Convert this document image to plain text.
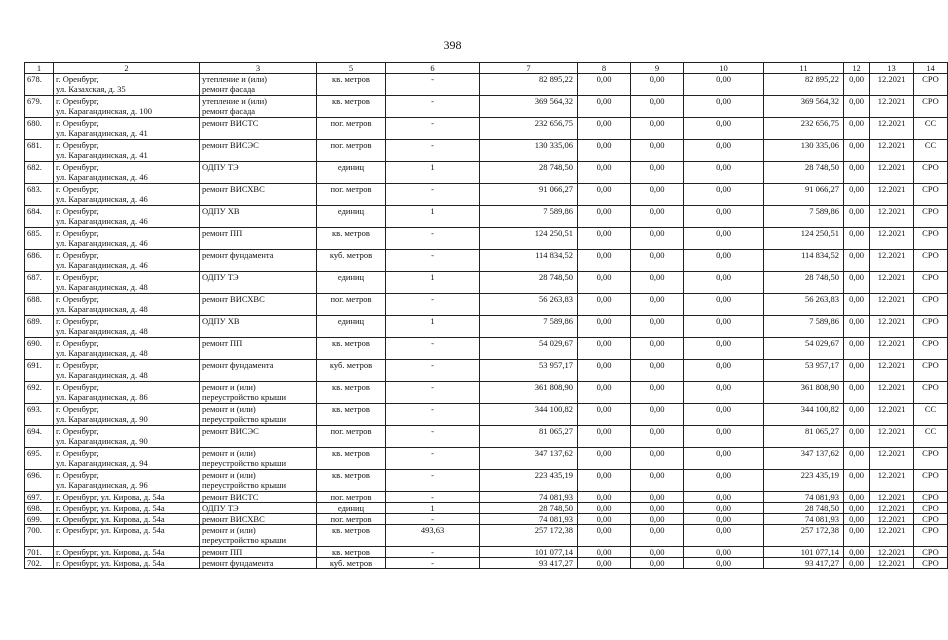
398
1	2	3	5	6	7	8	9	10	11	12	13	14
678.	г. Оренбург,
ул. Казахская, д. 35	утепление и (или)
ремонт фасада	кв. метров	-	82 895,22	0,00	0,00	0,00	82 895,22	0,00	12.2021	СРО
679.	г. Оренбург,
ул. Карагандинская, д. 100	утепление и (или)
ремонт фасада	кв. метров	-	369 564,32	0,00	0,00	0,00	369 564,32	0,00	12.2021	СРО
680.	г. Оренбург,
ул. Карагандинская, д. 41	ремонт ВИСТС	пог. метров	-	232 656,75	0,00	0,00	0,00	232 656,75	0,00	12.2021	СС
681.	г. Оренбург,
ул. Карагандинская, д. 41	ремонт ВИСЭС	пог. метров	-	130 335,06	0,00	0,00	0,00	130 335,06	0,00	12.2021	СС
682.	г. Оренбург,
ул. Карагандинская, д. 46	ОДПУ ТЭ	единиц	1	28 748,50	0,00	0,00	0,00	28 748,50	0,00	12.2021	СРО
683.	г. Оренбург,
ул. Карагандинская, д. 46	ремонт ВИСХВС	пог. метров	-	91 066,27	0,00	0,00	0,00	91 066,27	0,00	12.2021	СРО
684.	г. Оренбург,
ул. Карагандинская, д. 46	ОДПУ ХВ	единиц	1	7 589,86	0,00	0,00	0,00	7 589,86	0,00	12.2021	СРО
685.	г. Оренбург,
ул. Карагандинская, д. 46	ремонт ПП	кв. метров	-	124 250,51	0,00	0,00	0,00	124 250,51	0,00	12.2021	СРО
686.	г. Оренбург,
ул. Карагандинская, д. 46	ремонт фундамента	куб. метров	-	114 834,52	0,00	0,00	0,00	114 834,52	0,00	12.2021	СРО
687.	г. Оренбург,
ул. Карагандинская, д. 48	ОДПУ ТЭ	единиц	1	28 748,50	0,00	0,00	0,00	28 748,50	0,00	12.2021	СРО
688.	г. Оренбург,
ул. Карагандинская, д. 48	ремонт ВИСХВС	пог. метров	-	56 263,83	0,00	0,00	0,00	56 263,83	0,00	12.2021	СРО
689.	г. Оренбург,
ул. Карагандинская, д. 48	ОДПУ ХВ	единиц	1	7 589,86	0,00	0,00	0,00	7 589,86	0,00	12.2021	СРО
690.	г. Оренбург,
ул. Карагандинская, д. 48	ремонт ПП	кв. метров	-	54 029,67	0,00	0,00	0,00	54 029,67	0,00	12.2021	СРО
691.	г. Оренбург,
ул. Карагандинская, д. 48	ремонт фундамента	куб. метров	-	53 957,17	0,00	0,00	0,00	53 957,17	0,00	12.2021	СРО
692.	г. Оренбург,
ул. Карагандинская, д. 86	ремонт и (или)
переустройство крыши	кв. метров	-	361 808,90	0,00	0,00	0,00	361 808,90	0,00	12.2021	СРО
693.	г. Оренбург,
ул. Карагандинская, д. 90	ремонт и (или)
переустройство крыши	кв. метров	-	344 100,82	0,00	0,00	0,00	344 100,82	0,00	12.2021	СС
694.	г. Оренбург,
ул. Карагандинская, д. 90	ремонт ВИСЭС	пог. метров	-	81 065,27	0,00	0,00	0,00	81 065,27	0,00	12.2021	СС
695.	г. Оренбург,
ул. Карагандинская, д. 94	ремонт и (или)
переустройство крыши	кв. метров	-	347 137,62	0,00	0,00	0,00	347 137,62	0,00	12.2021	СРО
696.	г. Оренбург,
ул. Карагандинская, д. 96	ремонт и (или)
переустройство крыши	кв. метров	-	223 435,19	0,00	0,00	0,00	223 435,19	0,00	12.2021	СРО
697.	г. Оренбург, ул. Кирова, д. 54а	ремонт ВИСТС	пог. метров	-	74 081,93	0,00	0,00	0,00	74 081,93	0,00	12.2021	СРО
698.	г. Оренбург, ул. Кирова, д. 54а	ОДПУ ТЭ	единиц	1	28 748,50	0,00	0,00	0,00	28 748,50	0,00	12.2021	СРО
699.	г. Оренбург, ул. Кирова, д. 54а	ремонт ВИСХВС	пог. метров	-	74 081,93	0,00	0,00	0,00	74 081,93	0,00	12.2021	СРО
700.	г. Оренбург, ул. Кирова, д. 54а	ремонт и (или)
переустройство крыши	кв. метров	493,63	257 172,38	0,00	0,00	0,00	257 172,38	0,00	12.2021	СРО
701.	г. Оренбург, ул. Кирова, д. 54а	ремонт ПП	кв. метров	-	101 077,14	0,00	0,00	0,00	101 077,14	0,00	12.2021	СРО
702.	г. Оренбург, ул. Кирова, д. 54а	ремонт фундамента	куб. метров	-	93 417,27	0,00	0,00	0,00	93 417,27	0,00	12.2021	СРО
